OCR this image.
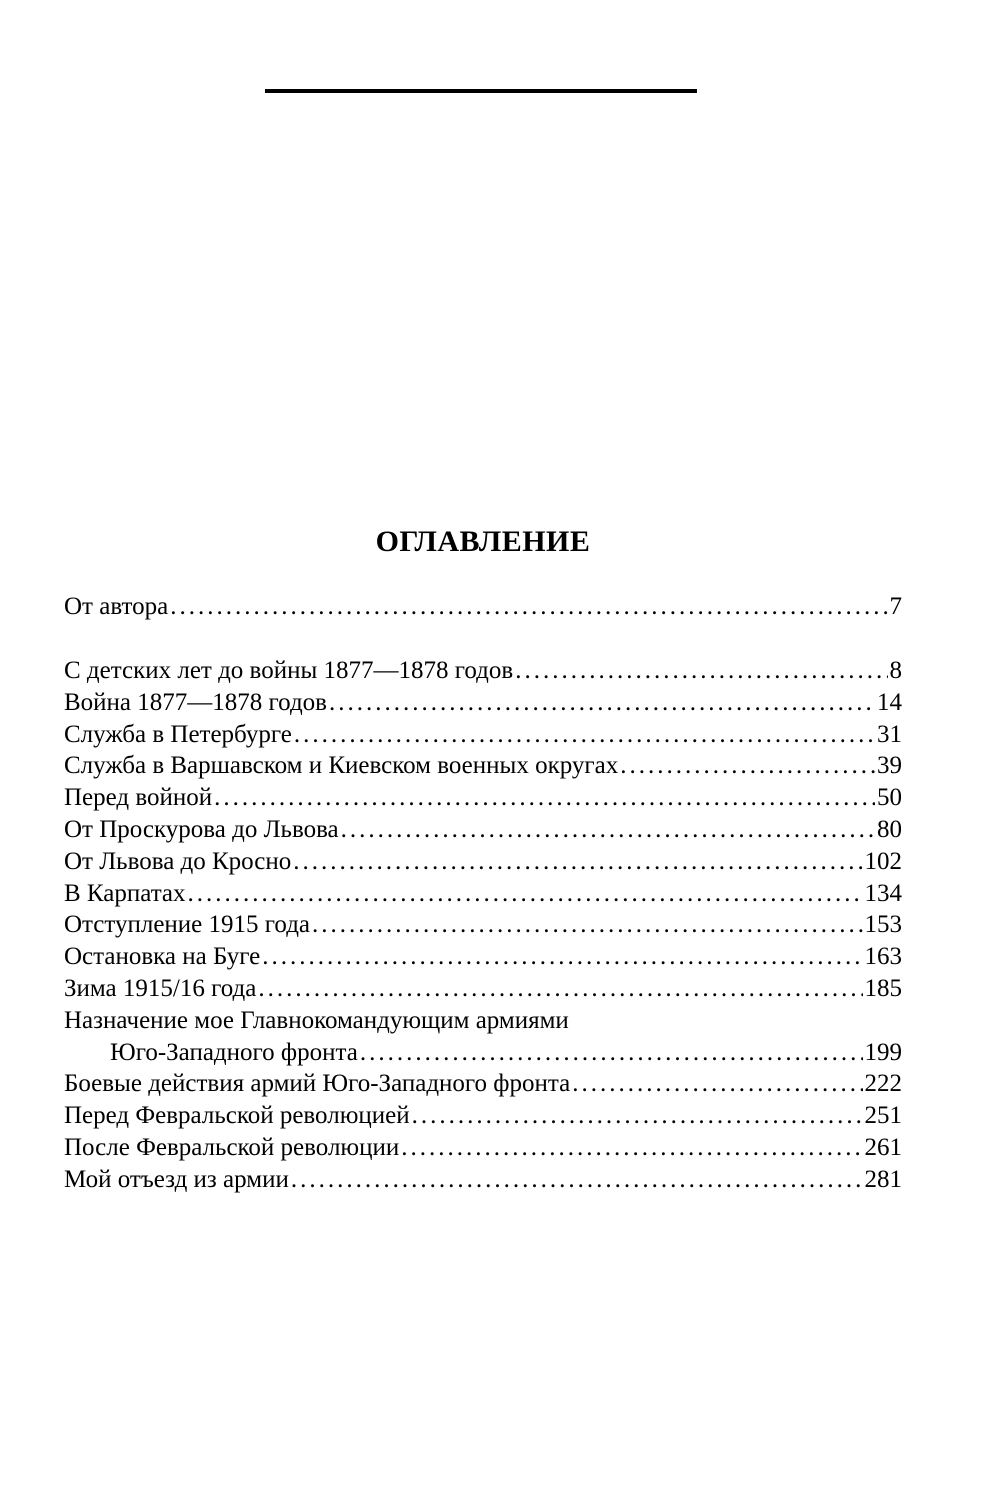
ОГЛАВЛЕНИЕ
От автора .....	7
С детских лет до войны 1877—1878 годов .....	8
Война 1877—1878 годов .....	14
Служба в Петербурге .....	31
Служба в Варшавском и Киевском военных округах .....	39
Перед войной .....	50
От Проскурова до Львова .....	80
От Львова до Кросно .....	102
В Карпатах .....	134
Отступление 1915 года .....	153
Остановка на Буге .....	163
Зима 1915/16 года .....	185
Назначение мое Главнокомандующим армиями
Юго-Западного фронта .....	199
Боевые действия армий Юго-Западного фронта .....	222
Перед Февральской революцией .....	251
После Февральской революции .....	261
Мой отъезд из армии .....	281
